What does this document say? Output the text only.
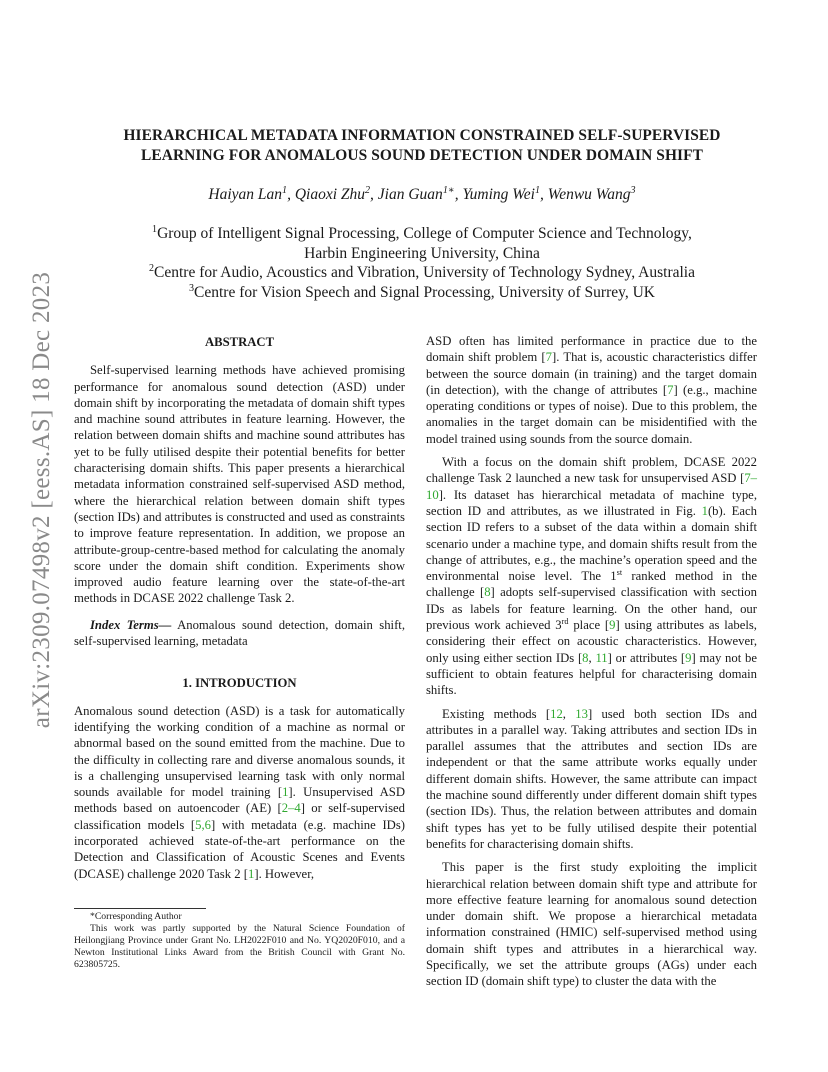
arXiv:2309.07498v2 [eess.AS] 18 Dec 2023
HIERARCHICAL METADATA INFORMATION CONSTRAINED SELF-SUPERVISED
LEARNING FOR ANOMALOUS SOUND DETECTION UNDER DOMAIN SHIFT
Haiyan Lan$^1$, Qiaoxi Zhu$^2$, Jian Guan$^{1∗}$, Yuming Wei$^1$, Wenwu Wang$^3$
$^1$Group of Intelligent Signal Processing, College of Computer Science and Technology,
Harbin Engineering University, China
$^2$Centre for Audio, Acoustics and Vibration, University of Technology Sydney, Australia
$^3$Centre for Vision Speech and Signal Processing, University of Surrey, UK

ABSTRACT

Self-supervised learning methods have achieved promising performance for anomalous sound detection (ASD) under domain shift by incorporating the metadata of domain shift types and machine sound attributes in feature learning. However, the relation between domain shifts and machine sound attributes has yet to be fully utilised despite their potential benefits for better characterising domain shifts. This paper presents a hierarchical metadata information constrained self-supervised ASD method, where the hierarchical relation between domain shift types (section IDs) and attributes is constructed and used as constraints to improve feature representation. In addition, we propose an attribute-group-centre-based method for calculating the anomaly score under the domain shift condition. Experiments show improved audio feature learning over the state-of-the-art methods in DCASE 2022 challenge Task 2.

Index Terms— Anomalous sound detection, domain shift, self-supervised learning, metadata

1. INTRODUCTION

Anomalous sound detection (ASD) is a task for automatically identifying the working condition of a machine as normal or abnormal based on the sound emitted from the machine. Due to the difficulty in collecting rare and diverse anomalous sounds, it is a challenging unsupervised learning task with only normal sounds available for model training [1]. Unsupervised ASD methods based on autoencoder (AE) [2–4] or self-supervised classification models [5,6] with metadata (e.g. machine IDs) incorporated achieved state-of-the-art performance on the Detection and Classification of Acoustic Scenes and Events (DCASE) challenge 2020 Task 2 [1]. However,

*Corresponding Author

This work was partly supported by the Natural Science Foundation of Heilongjiang Province under Grant No. LH2022F010 and No. YQ2020F010, and a Newton Institutional Links Award from the British Council with Grant No. 623805725.

ASD often has limited performance in practice due to the domain shift problem [7]. That is, acoustic characteristics differ between the source domain (in training) and the target domain (in detection), with the change of attributes [7] (e.g., machine operating conditions or types of noise). Due to this problem, the anomalies in the target domain can be misidentified with the model trained using sounds from the source domain.

With a focus on the domain shift problem, DCASE 2022 challenge Task 2 launched a new task for unsupervised ASD [7–10]. Its dataset has hierarchical metadata of machine type, section ID and attributes, as we illustrated in Fig. 1(b). Each section ID refers to a subset of the data within a domain shift scenario under a machine type, and domain shifts result from the change of attributes, e.g., the machine’s operation speed and the environmental noise level. The 1st ranked method in the challenge [8] adopts self-supervised classification with section IDs as labels for feature learning. On the other hand, our previous work achieved 3rd place [9] using attributes as labels, considering their effect on acoustic characteristics. However, only using either section IDs [8, 11] or attributes [9] may not be sufficient to obtain features helpful for characterising domain shifts.

Existing methods [12, 13] used both section IDs and attributes in a parallel way. Taking attributes and section IDs in parallel assumes that the attributes and section IDs are independent or that the same attribute works equally under different domain shifts. However, the same attribute can impact the machine sound differently under different domain shift types (section IDs). Thus, the relation between attributes and domain shift types has yet to be fully utilised despite their potential benefits for characterising domain shifts.

This paper is the first study exploiting the implicit hierarchical relation between domain shift type and attribute for more effective feature learning for anomalous sound detection under domain shift. We propose a hierarchical metadata information constrained (HMIC) self-supervised method using domain shift types and attributes in a hierarchical way. Specifically, we set the attribute groups (AGs) under each section ID (domain shift type) to cluster the data with the
